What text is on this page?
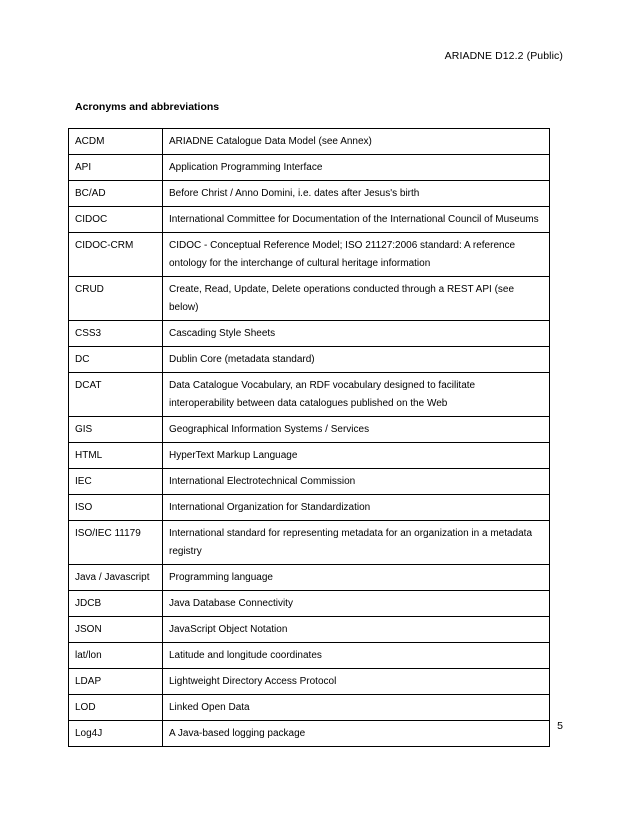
ARIADNE D12.2 (Public)
Acronyms and abbreviations
ACDM	ARIADNE Catalogue Data Model (see Annex)
API	Application Programming Interface
BC/AD	Before Christ / Anno Domini, i.e. dates after Jesus's birth
CIDOC	International Committee for Documentation of the International Council of Museums
CIDOC-CRM	CIDOC - Conceptual Reference Model; ISO 21127:2006 standard: A reference ontology for the interchange of cultural heritage information
CRUD	Create, Read, Update, Delete operations conducted through a REST API (see below)
CSS3	Cascading Style Sheets
DC	Dublin Core (metadata standard)
DCAT	Data Catalogue Vocabulary, an RDF vocabulary designed to facilitate interoperability between data catalogues published on the Web
GIS	Geographical Information Systems / Services
HTML	HyperText Markup Language
IEC	International Electrotechnical Commission
ISO	International Organization for Standardization
ISO/IEC 11179	International standard for representing metadata for an organization in a metadata registry
Java / Javascript	Programming language
JDCB	Java Database Connectivity
JSON	JavaScript Object Notation
lat/lon	Latitude and longitude coordinates
LDAP	Lightweight Directory Access Protocol
LOD	Linked Open Data
Log4J	A Java-based logging package
5
